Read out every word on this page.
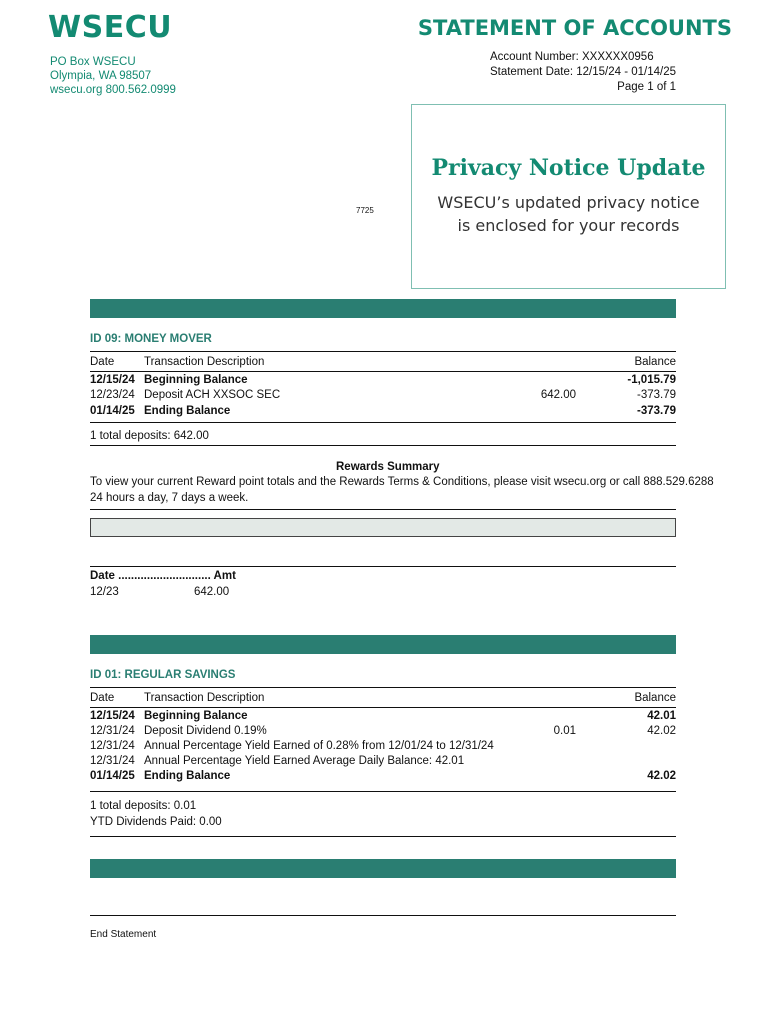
WSECU
PO Box WSECU
Olympia, WA 98507
wsecu.org 800.562.0999
STATEMENT OF ACCOUNTS
Account Number: XXXXXX0956
Statement Date: 12/15/24 - 01/14/25
Page 1 of 1
7725
Privacy Notice Update
WSECU’s updated privacy notice
is enclosed for your records
ID 09: MONEY MOVER
Date	Transaction Description	Balance
12/15/24 Beginning Balance	-1,015.79
12/23/24 Deposit ACH XXSOC SEC	642.00	-373.79
01/14/25 Ending Balance	-373.79
1 total deposits: 642.00
Rewards Summary
To view your current Reward point totals and the Rewards Terms & Conditions, please visit wsecu.org or call 888.529.6288
24 hours a day, 7 days a week.
Date ............................. Amt
12/23	642.00
ID 01: REGULAR SAVINGS
Date	Transaction Description	Balance
12/15/24 Beginning Balance	42.01
12/31/24 Deposit Dividend 0.19%	0.01	42.02
12/31/24 Annual Percentage Yield Earned of 0.28% from 12/01/24 to 12/31/24
12/31/24 Annual Percentage Yield Earned Average Daily Balance: 42.01
01/14/25 Ending Balance	42.02
1 total deposits: 0.01
YTD Dividends Paid: 0.00
End Statement
